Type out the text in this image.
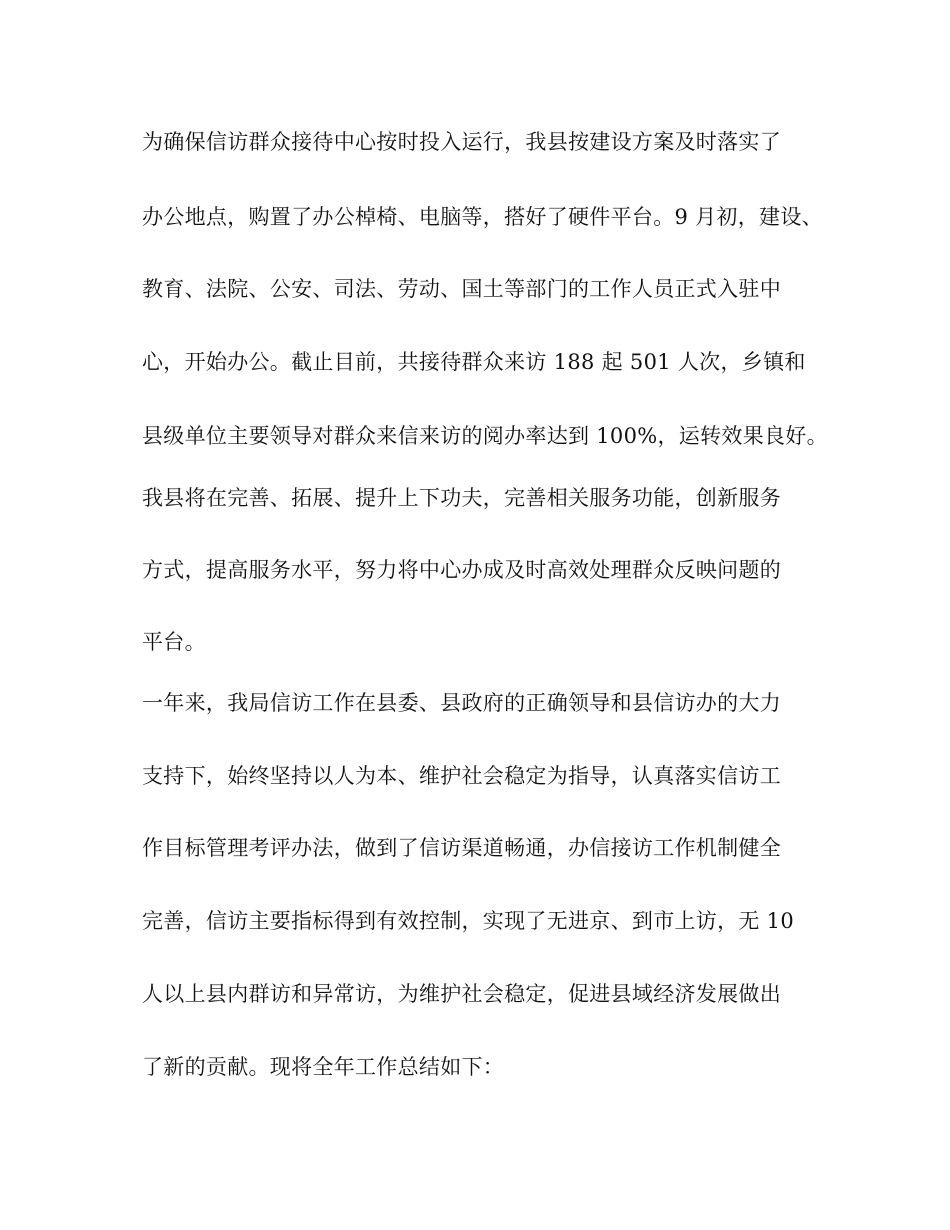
为确保信访群众接待中心按时投入运行，我县按建设方案及时落实了
办公地点，购置了办公棹椅、电脑等，搭好了硬件平台。9 月初，建设、
教育、法院、公安、司法、劳动、国土等部门的工作人员正式入驻中
心，开始办公。截止目前，共接待群众来访 188 起 501 人次，乡镇和
县级单位主要领导对群众来信来访的阅办率达到 100%，运转效果良好。
我县将在完善、拓展、提升上下功夫，完善相关服务功能，创新服务
方式，提高服务水平，努力将中心办成及时高效处理群众反映问题的
平台。
一年来，我局信访工作在县委、县政府的正确领导和县信访办的大力
支持下，始终坚持以人为本、维护社会稳定为指导，认真落实信访工
作目标管理考评办法，做到了信访渠道畅通，办信接访工作机制健全
完善，信访主要指标得到有效控制，实现了无进京、到市上访，无 10
人以上县内群访和异常访，为维护社会稳定，促进县域经济发展做出
了新的贡献。现将全年工作总结如下：
